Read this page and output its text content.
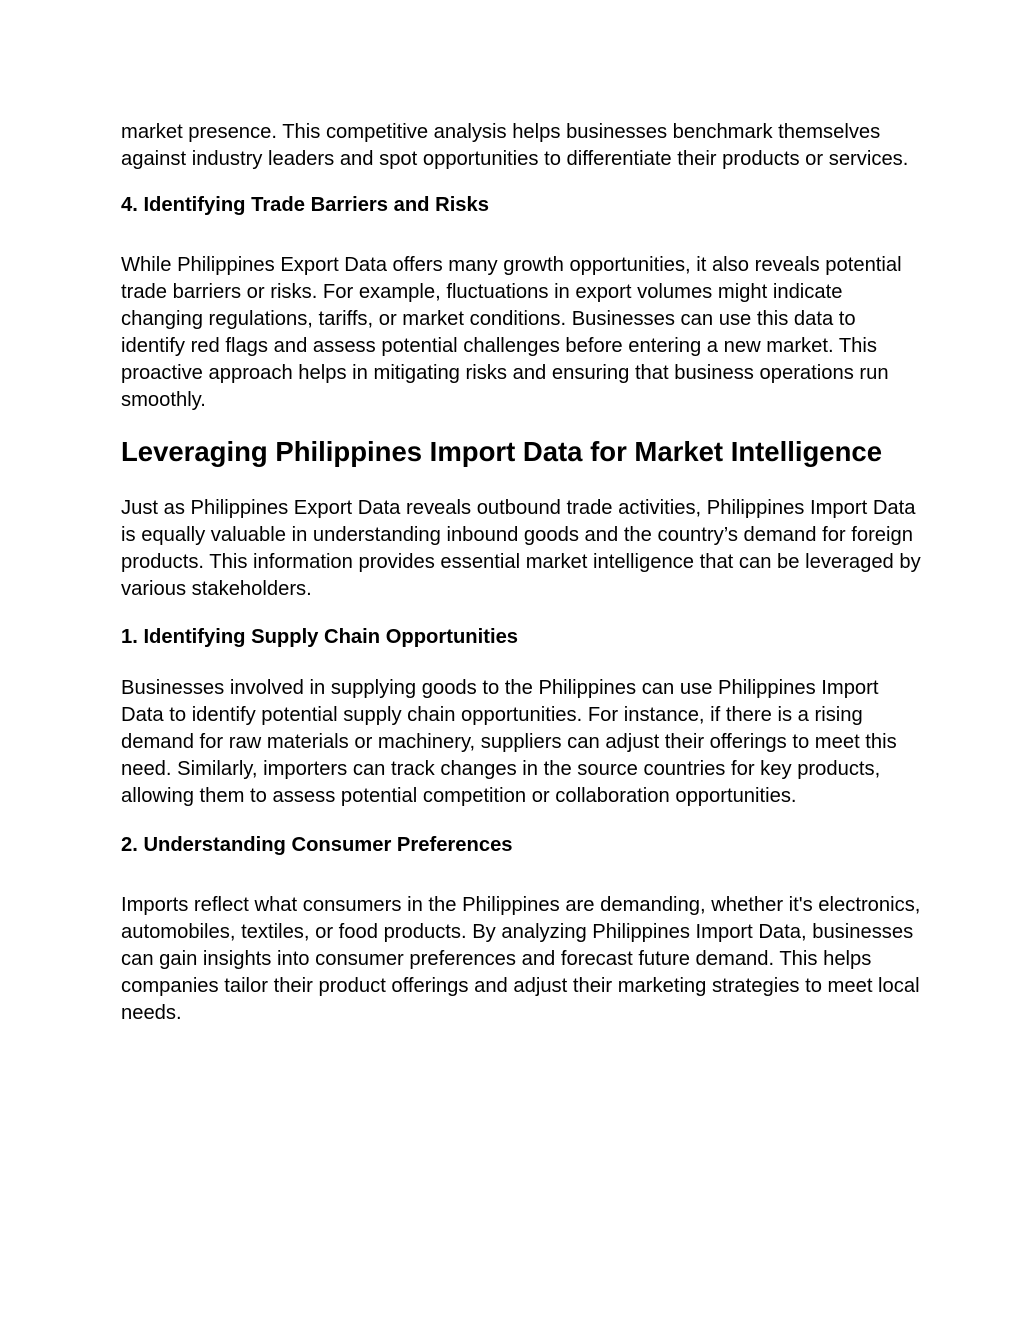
market presence. This competitive analysis helps businesses benchmark themselves against industry leaders and spot opportunities to differentiate their products or services.

4. Identifying Trade Barriers and Risks

While Philippines Export Data offers many growth opportunities, it also reveals potential trade barriers or risks. For example, fluctuations in export volumes might indicate changing regulations, tariffs, or market conditions. Businesses can use this data to identify red flags and assess potential challenges before entering a new market. This proactive approach helps in mitigating risks and ensuring that business operations run smoothly.

Leveraging Philippines Import Data for Market Intelligence

Just as Philippines Export Data reveals outbound trade activities, Philippines Import Data is equally valuable in understanding inbound goods and the country’s demand for foreign products. This information provides essential market intelligence that can be leveraged by various stakeholders.

1. Identifying Supply Chain Opportunities

Businesses involved in supplying goods to the Philippines can use Philippines Import Data to identify potential supply chain opportunities. For instance, if there is a rising demand for raw materials or machinery, suppliers can adjust their offerings to meet this need. Similarly, importers can track changes in the source countries for key products, allowing them to assess potential competition or collaboration opportunities.

2. Understanding Consumer Preferences

Imports reflect what consumers in the Philippines are demanding, whether it's electronics, automobiles, textiles, or food products. By analyzing Philippines Import Data, businesses can gain insights into consumer preferences and forecast future demand. This helps companies tailor their product offerings and adjust their marketing strategies to meet local needs.
